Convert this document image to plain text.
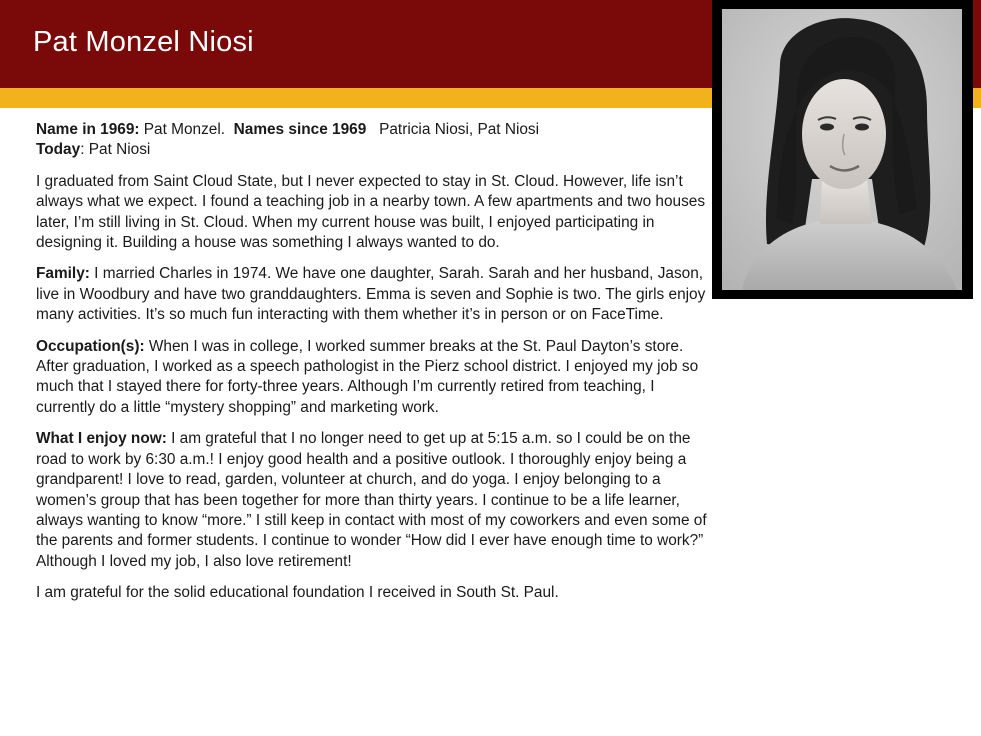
Pat Monzel Niosi

Name in 1969: Pat Monzel. Names since 1969 Patricia Niosi, Pat Niosi
Today: Pat Niosi

I graduated from Saint Cloud State, but I never expected to stay in St. Cloud. However, life isn’t always what we expect. I found a teaching job in a nearby town. A few apartments and two houses later, I’m still living in St. Cloud. When my current house was built, I enjoyed participating in designing it. Building a house was something I always wanted to do.

Family: I married Charles in 1974. We have one daughter, Sarah. Sarah and her husband, Jason, live in Woodbury and have two granddaughters. Emma is seven and Sophie is two. The girls enjoy many activities. It’s so much fun interacting with them whether it’s in person or on FaceTime.

Occupation(s): When I was in college, I worked summer breaks at the St. Paul Dayton’s store. After graduation, I worked as a speech pathologist in the Pierz school district. I enjoyed my job so much that I stayed there for forty-three years. Although I’m currently retired from teaching, I currently do a little “mystery shopping” and marketing work.

What I enjoy now: I am grateful that I no longer need to get up at 5:15 a.m. so I could be on the road to work by 6:30 a.m.! I enjoy good health and a positive outlook. I thoroughly enjoy being a grandparent! I love to read, garden, volunteer at church, and do yoga. I enjoy belonging to a women’s group that has been together for more than thirty years. I continue to be a life learner, always wanting to know “more.” I still keep in contact with most of my coworkers and even some of the parents and former students. I continue to wonder “How did I ever have enough time to work?” Although I loved my job, I also love retirement!

I am grateful for the solid educational foundation I received in South St. Paul.
